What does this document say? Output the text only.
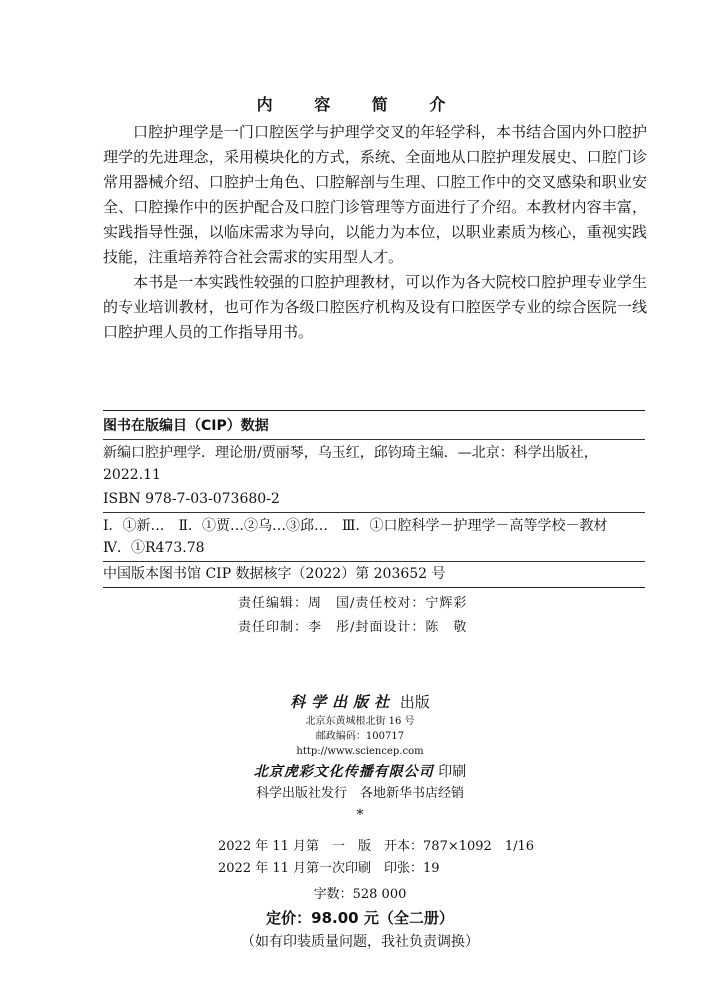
内 容 简 介

口腔护理学是一门口腔医学与护理学交叉的年轻学科，本书结合国内外口腔护理学的先进理念，采用模块化的方式，系统、全面地从口腔护理发展史、口腔门诊常用器械介绍、口腔护士角色、口腔解剖与生理、口腔工作中的交叉感染和职业安全、口腔操作中的医护配合及口腔门诊管理等方面进行了介绍。本教材内容丰富，实践指导性强，以临床需求为导向，以能力为本位，以职业素质为核心，重视实践技能，注重培养符合社会需求的实用型人才。

本书是一本实践性较强的口腔护理教材，可以作为各大院校口腔护理专业学生的专业培训教材，也可作为各级口腔医疗机构及设有口腔医学专业的综合医院一线口腔护理人员的工作指导用书。

图书在版编目（CIP）数据
新编口腔护理学．理论册/贾丽琴，乌玉红，邱钧琦主编．—北京：科学出版社，2022.11
ISBN 978-7-03-073680-2
Ⅰ．①新…　Ⅱ．①贾…②乌…③邱…　Ⅲ．①口腔科学－护理学－高等学校－教材　Ⅳ．①R473.78
中国版本图书馆 CIP 数据核字（2022）第 203652 号
责任编辑：周　国/责任校对：宁辉彩
责任印制：李　彤/封面设计：陈　敬
科学出版社 出版
北京东黄城根北街 16 号
邮政编码：100717
http://www.sciencep.com
北京虎彩文化传播有限公司 印刷
科学出版社发行　各地新华书店经销
*
2022 年 11 月第　一　版　开本：787×1092　1/16
2022 年 11 月第一次印刷　印张：19
字数：528 000
定价：98.00 元（全二册）
（如有印装质量问题，我社负责调换）
